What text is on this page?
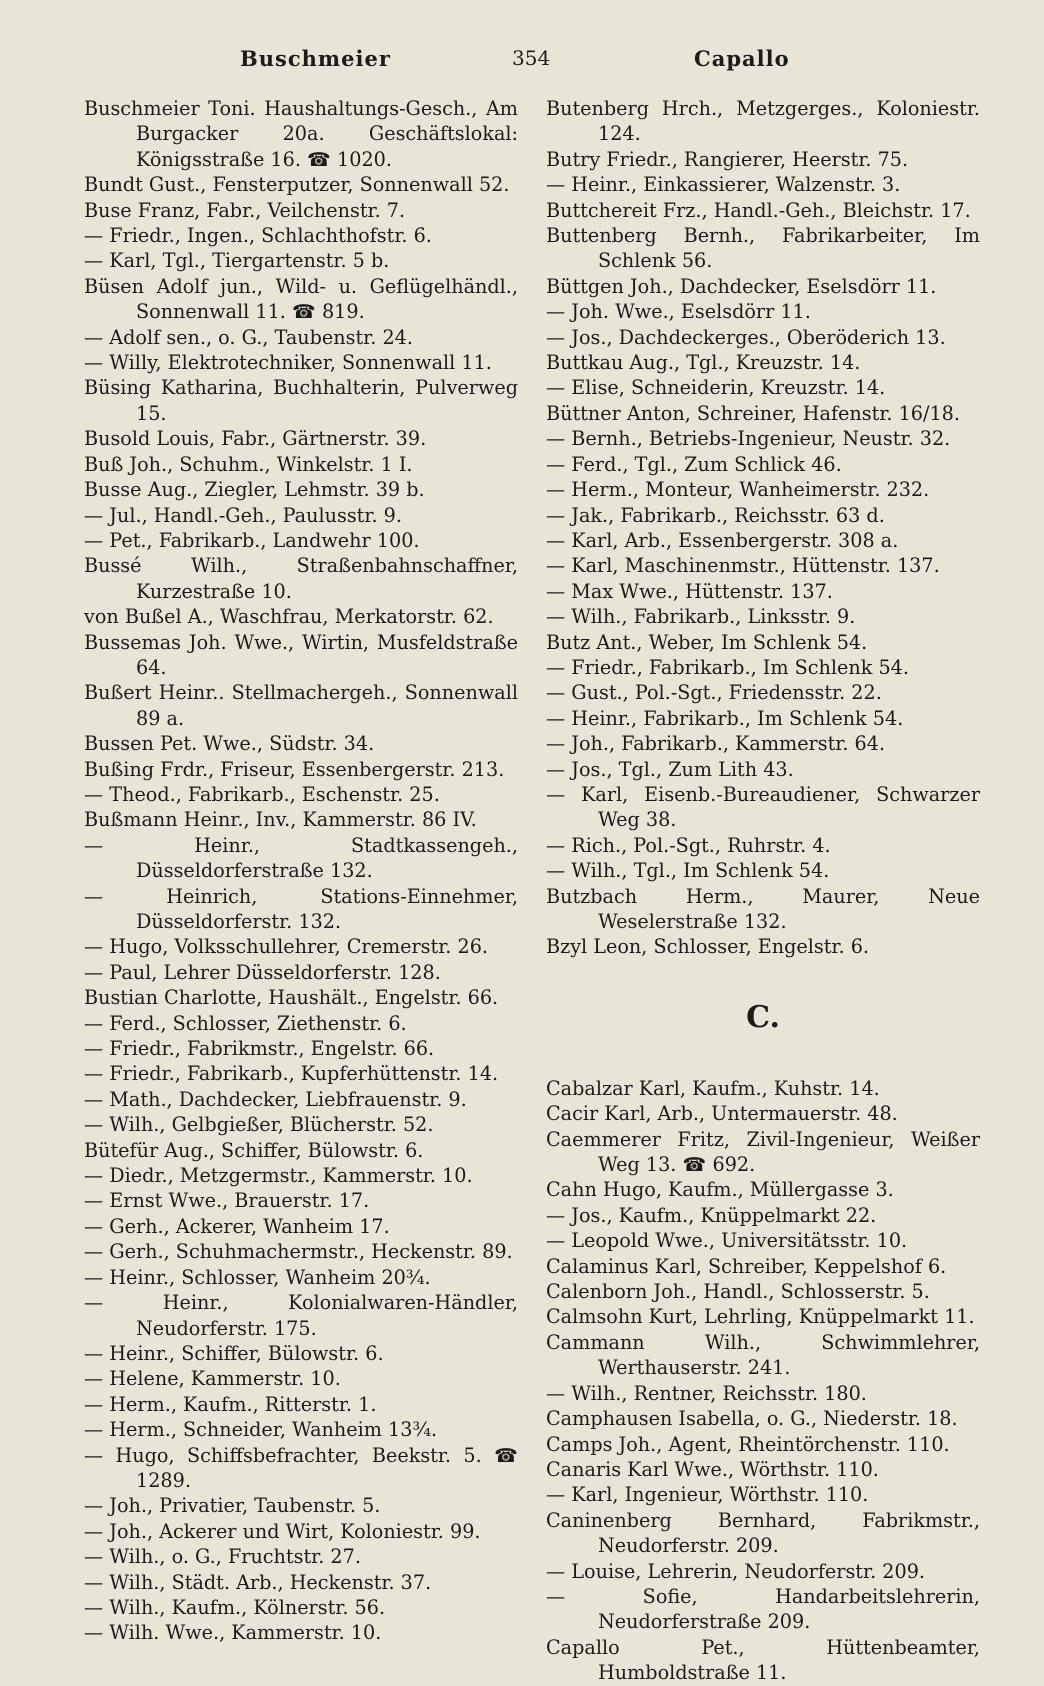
Buschmeier	354	Capallo

Buschmeier Toni. Haushaltungs-Gesch., Am Burgacker 20a. Geschäftslokal: Königsstraße 16. ☎ 1020.

Bundt Gust., Fensterputzer, Sonnenwall 52.

Buse Franz, Fabr., Veilchenstr. 7.

— Friedr., Ingen., Schlachthofstr. 6.

— Karl, Tgl., Tiergartenstr. 5 b.

Büsen Adolf jun., Wild- u. Geflügelhändl., Sonnenwall 11. ☎ 819.

— Adolf sen., o. G., Taubenstr. 24.

— Willy, Elektrotechniker, Sonnenwall 11.

Büsing Katharina, Buchhalterin, Pulverweg 15.

Busold Louis, Fabr., Gärtnerstr. 39.

Buß Joh., Schuhm., Winkelstr. 1 I.

Busse Aug., Ziegler, Lehmstr. 39 b.

— Jul., Handl.-Geh., Paulusstr. 9.

— Pet., Fabrikarb., Landwehr 100.

Bussé Wilh., Straßenbahnschaffner, Kurzestraße 10.

von Bußel A., Waschfrau, Merkatorstr. 62.

Bussemas Joh. Wwe., Wirtin, Musfeldstraße 64.

Bußert Heinr.. Stellmachergeh., Sonnenwall 89 a.

Bussen Pet. Wwe., Südstr. 34.

Bußing Frdr., Friseur, Essenbergerstr. 213.

— Theod., Fabrikarb., Eschenstr. 25.

Bußmann Heinr., Inv., Kammerstr. 86 IV.

— Heinr., Stadtkassengeh., Düsseldorferstraße 132.

— Heinrich, Stations-Einnehmer, Düsseldorferstr. 132.

— Hugo, Volksschullehrer, Cremerstr. 26.

— Paul, Lehrer Düsseldorferstr. 128.

Bustian Charlotte, Haushält., Engelstr. 66.

— Ferd., Schlosser, Ziethenstr. 6.

— Friedr., Fabrikmstr., Engelstr. 66.

— Friedr., Fabrikarb., Kupferhüttenstr. 14.

— Math., Dachdecker, Liebfrauenstr. 9.

— Wilh., Gelbgießer, Blücherstr. 52.

Bütefür Aug., Schiffer, Bülowstr. 6.

— Diedr., Metzgermstr., Kammerstr. 10.

— Ernst Wwe., Brauerstr. 17.

— Gerh., Ackerer, Wanheim 17.

— Gerh., Schuhmachermstr., Heckenstr. 89.

— Heinr., Schlosser, Wanheim 20¾.

— Heinr., Kolonialwaren-Händler, Neudorferstr. 175.

— Heinr., Schiffer, Bülowstr. 6.

— Helene, Kammerstr. 10.

— Herm., Kaufm., Ritterstr. 1.

— Herm., Schneider, Wanheim 13¾.

— Hugo, Schiffsbefrachter, Beekstr. 5. ☎ 1289.

— Joh., Privatier, Taubenstr. 5.

— Joh., Ackerer und Wirt, Koloniestr. 99.

— Wilh., o. G., Fruchtstr. 27.

— Wilh., Städt. Arb., Heckenstr. 37.

— Wilh., Kaufm., Kölnerstr. 56.

— Wilh. Wwe., Kammerstr. 10.

Butenberg Hrch., Metzgerges., Koloniestr. 124.

Butry Friedr., Rangierer, Heerstr. 75.

— Heinr., Einkassierer, Walzenstr. 3.

Buttchereit Frz., Handl.-Geh., Bleichstr. 17.

Buttenberg Bernh., Fabrikarbeiter, Im Schlenk 56.

Büttgen Joh., Dachdecker, Eselsdörr 11.

— Joh. Wwe., Eselsdörr 11.

— Jos., Dachdeckerges., Oberöderich 13.

Buttkau Aug., Tgl., Kreuzstr. 14.

— Elise, Schneiderin, Kreuzstr. 14.

Büttner Anton, Schreiner, Hafenstr. 16/18.

— Bernh., Betriebs-Ingenieur, Neustr. 32.

— Ferd., Tgl., Zum Schlick 46.

— Herm., Monteur, Wanheimerstr. 232.

— Jak., Fabrikarb., Reichsstr. 63 d.

— Karl, Arb., Essenbergerstr. 308 a.

— Karl, Maschinenmstr., Hüttenstr. 137.

— Max Wwe., Hüttenstr. 137.

— Wilh., Fabrikarb., Linksstr. 9.

Butz Ant., Weber, Im Schlenk 54.

— Friedr., Fabrikarb., Im Schlenk 54.

— Gust., Pol.-Sgt., Friedensstr. 22.

— Heinr., Fabrikarb., Im Schlenk 54.

— Joh., Fabrikarb., Kammerstr. 64.

— Jos., Tgl., Zum Lith 43.

— Karl, Eisenb.-Bureaudiener, Schwarzer Weg 38.

— Rich., Pol.-Sgt., Ruhrstr. 4.

— Wilh., Tgl., Im Schlenk 54.

Butzbach Herm., Maurer, Neue Weselerstraße 132.

Bzyl Leon, Schlosser, Engelstr. 6.

C.

Cabalzar Karl, Kaufm., Kuhstr. 14.

Cacir Karl, Arb., Untermauerstr. 48.

Caemmerer Fritz, Zivil-Ingenieur, Weißer Weg 13. ☎ 692.

Cahn Hugo, Kaufm., Müllergasse 3.

— Jos., Kaufm., Knüppelmarkt 22.

— Leopold Wwe., Universitätsstr. 10.

Calaminus Karl, Schreiber, Keppelshof 6.

Calenborn Joh., Handl., Schlosserstr. 5.

Calmsohn Kurt, Lehrling, Knüppelmarkt 11.

Cammann Wilh., Schwimmlehrer, Werthauserstr. 241.

— Wilh., Rentner, Reichsstr. 180.

Camphausen Isabella, o. G., Niederstr. 18.

Camps Joh., Agent, Rheintörchenstr. 110.

Canaris Karl Wwe., Wörthstr. 110.

— Karl, Ingenieur, Wörthstr. 110.

Caninenberg Bernhard, Fabrikmstr., Neudorferstr. 209.

— Louise, Lehrerin, Neudorferstr. 209.

— Sofie, Handarbeitslehrerin, Neudorferstraße 209.

Capallo Pet., Hüttenbeamter, Humboldstraße 11.
